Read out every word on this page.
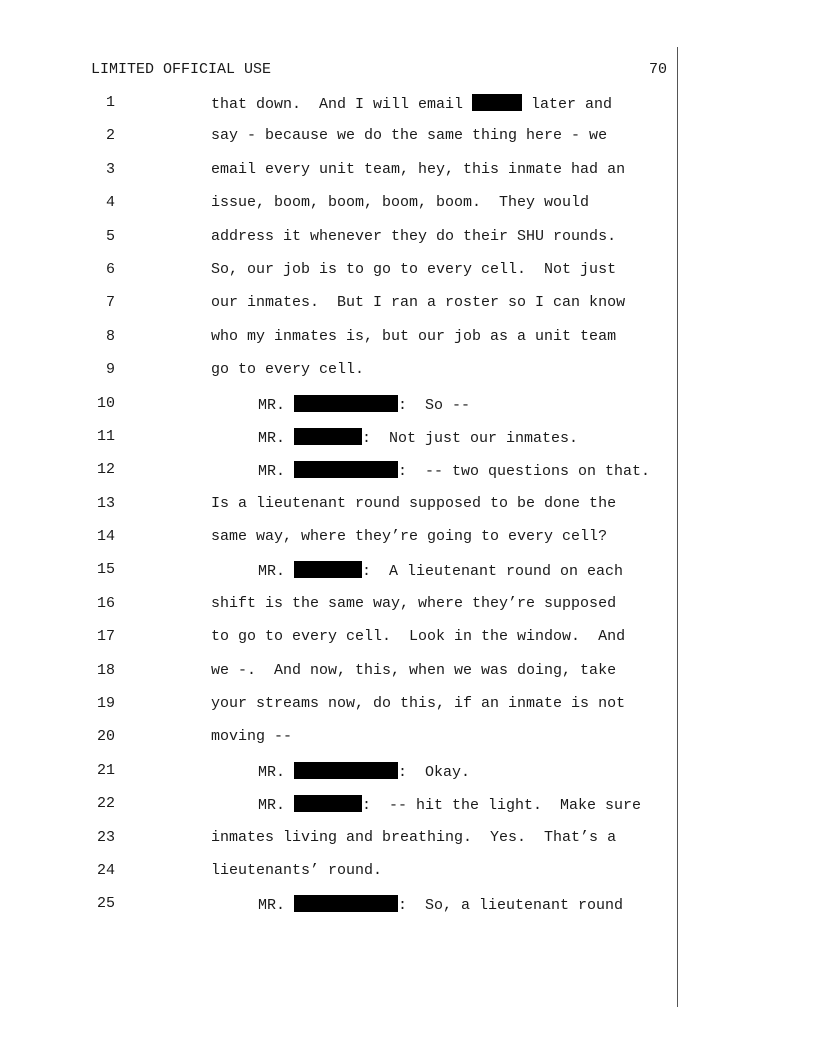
LIMITED OFFICIAL USE	70
1	that down.  And I will email	later and
2	say - because we do the same thing here - we
3	email every unit team, hey, this inmate had an
4	issue, boom, boom, boom, boom.  They would
5	address it whenever they do their SHU rounds.
6	So, our job is to go to every cell.  Not just
7	our inmates.  But I ran a roster so I can know
8	who my inmates is, but our job as a unit team
9	go to every cell.
10	MR.	:  So --
11	MR.	:  Not just our inmates.
12	MR.	:  -- two questions on that.
13	Is a lieutenant round supposed to be done the
14	same way, where they’re going to every cell?
15	MR.	:  A lieutenant round on each
16	shift is the same way, where they’re supposed
17	to go to every cell.  Look in the window.  And
18	we -.  And now, this, when we was doing, take
19	your streams now, do this, if an inmate is not
20	moving --
21	MR.	:  Okay.
22	MR.	:  -- hit the light.  Make sure
23	inmates living and breathing.  Yes.  That’s a
24	lieutenants’ round.
25	MR.	:  So, a lieutenant round
